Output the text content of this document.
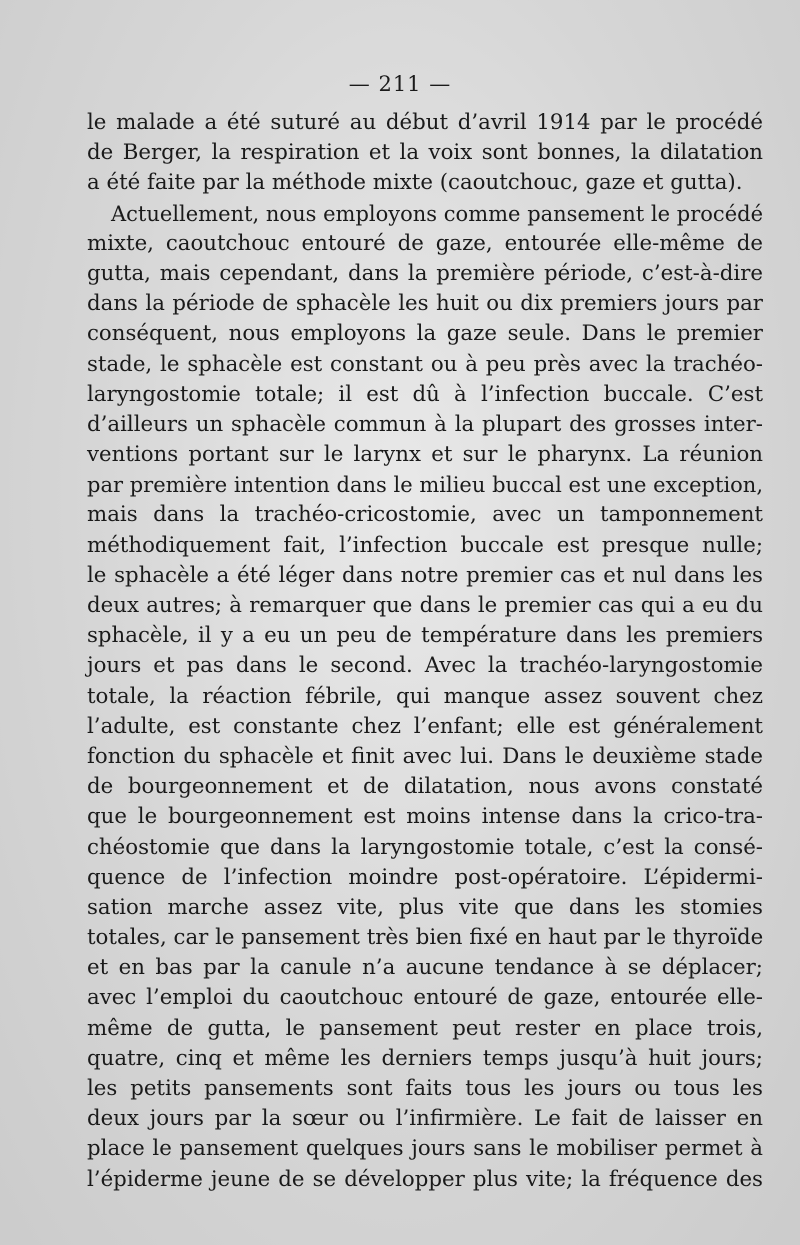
— 211 —
le malade a été suturé au début d’avril 1914 par le procédé
de Berger, la respiration et la voix sont bonnes, la dilatation
a été faite par la méthode mixte (caoutchouc, gaze et gutta).
Actuellement, nous employons comme pansement le procédé
mixte, caoutchouc entouré de gaze, entourée elle-même de
gutta, mais cependant, dans la première période, c’est-à-dire
dans la période de sphacèle les huit ou dix premiers jours par
conséquent, nous employons la gaze seule. Dans le premier
stade, le sphacèle est constant ou à peu près avec la trachéo-
laryngostomie totale; il est dû à l’infection buccale. C’est
d’ailleurs un sphacèle commun à la plupart des grosses inter-
ventions portant sur le larynx et sur le pharynx. La réunion
par première intention dans le milieu buccal est une exception,
mais dans la trachéo-cricostomie, avec un tamponnement
méthodiquement fait, l’infection buccale est presque nulle;
le sphacèle a été léger dans notre premier cas et nul dans les
deux autres; à remarquer que dans le premier cas qui a eu du
sphacèle, il y a eu un peu de température dans les premiers
jours et pas dans le second. Avec la trachéo-laryngostomie
totale, la réaction fébrile, qui manque assez souvent chez
l’adulte, est constante chez l’enfant; elle est généralement
fonction du sphacèle et finit avec lui. Dans le deuxième stade
de bourgeonnement et de dilatation, nous avons constaté
que le bourgeonnement est moins intense dans la crico-tra-
chéostomie que dans la laryngostomie totale, c’est la consé-
quence de l’infection moindre post-opératoire. L’épidermi-
sation marche assez vite, plus vite que dans les stomies
totales, car le pansement très bien fixé en haut par le thyroïde
et en bas par la canule n’a aucune tendance à se déplacer;
avec l’emploi du caoutchouc entouré de gaze, entourée elle-
même de gutta, le pansement peut rester en place trois,
quatre, cinq et même les derniers temps jusqu’à huit jours;
les petits pansements sont faits tous les jours ou tous les
deux jours par la sœur ou l’infirmière. Le fait de laisser en
place le pansement quelques jours sans le mobiliser permet à
l’épiderme jeune de se développer plus vite; la fréquence des
